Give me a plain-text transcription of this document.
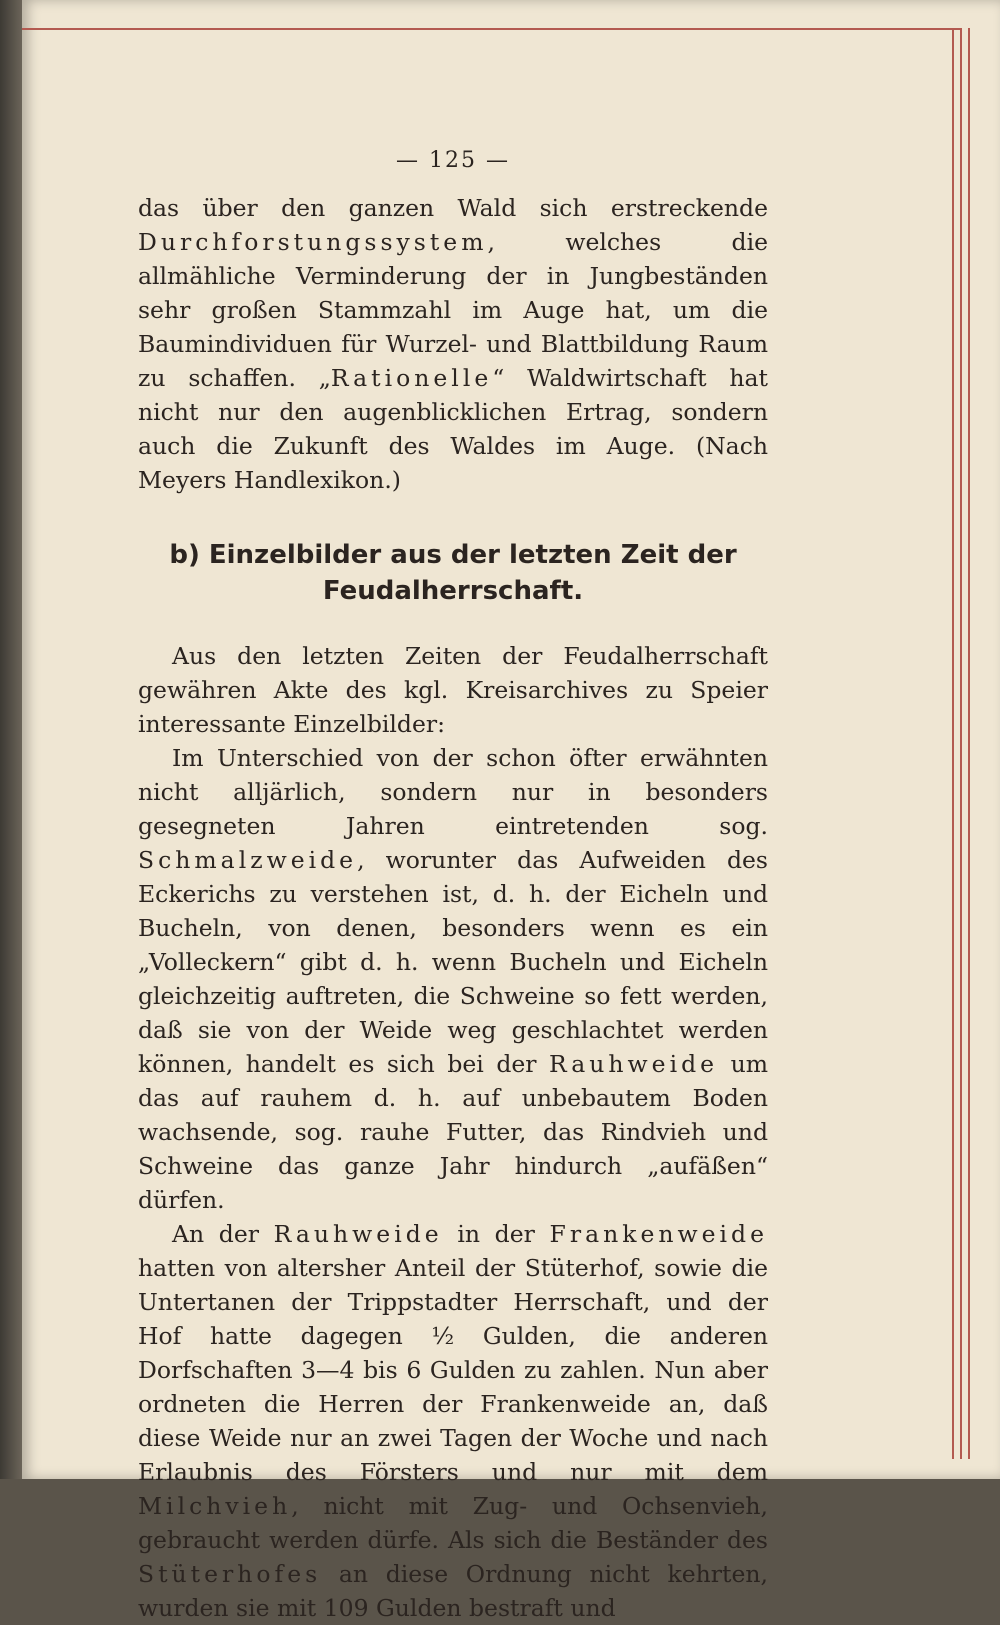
— 125 —

das über den ganzen Wald sich erstreckende Durchforstungssystem, welches die allmähliche Verminderung der in Jungbeständen sehr großen Stammzahl im Auge hat, um die Baumindividuen für Wurzel- und Blattbildung Raum zu schaffen. „Rationelle“ Waldwirtschaft hat nicht nur den augenblicklichen Ertrag, sondern auch die Zukunft des Waldes im Auge. (Nach Meyers Handlexikon.)

b) Einzelbilder aus der letzten Zeit der
Feudalherrschaft.

Aus den letzten Zeiten der Feudalherrschaft gewähren Akte des kgl. Kreisarchives zu Speier interessante Einzelbilder:

Im Unterschied von der schon öfter erwähnten nicht alljärlich, sondern nur in besonders gesegneten Jahren eintretenden sog. Schmalzweide, worunter das Aufweiden des Eckerichs zu verstehen ist, d. h. der Eicheln und Bucheln, von denen, besonders wenn es ein „Volleckern“ gibt d. h. wenn Bucheln und Eicheln gleichzeitig auftreten, die Schweine so fett werden, daß sie von der Weide weg geschlachtet werden können, handelt es sich bei der Rauhweide um das auf rauhem d. h. auf unbebautem Boden wachsende, sog. rauhe Futter, das Rindvieh und Schweine das ganze Jahr hindurch „aufäßen“ dürfen.

An der Rauhweide in der Frankenweide hatten von altersher Anteil der Stüterhof, sowie die Untertanen der Trippstadter Herrschaft, und der Hof hatte dagegen ½ Gulden, die anderen Dorfschaften 3—4 bis 6 Gulden zu zahlen. Nun aber ordneten die Herren der Frankenweide an, daß diese Weide nur an zwei Tagen der Woche und nach Erlaubnis des Försters und nur mit dem Milchvieh, nicht mit Zug- und Ochsenvieh, gebraucht werden dürfe. Als sich die Beständer des Stüterhofes an diese Ordnung nicht kehrten, wurden sie mit 109 Gulden bestraft und
